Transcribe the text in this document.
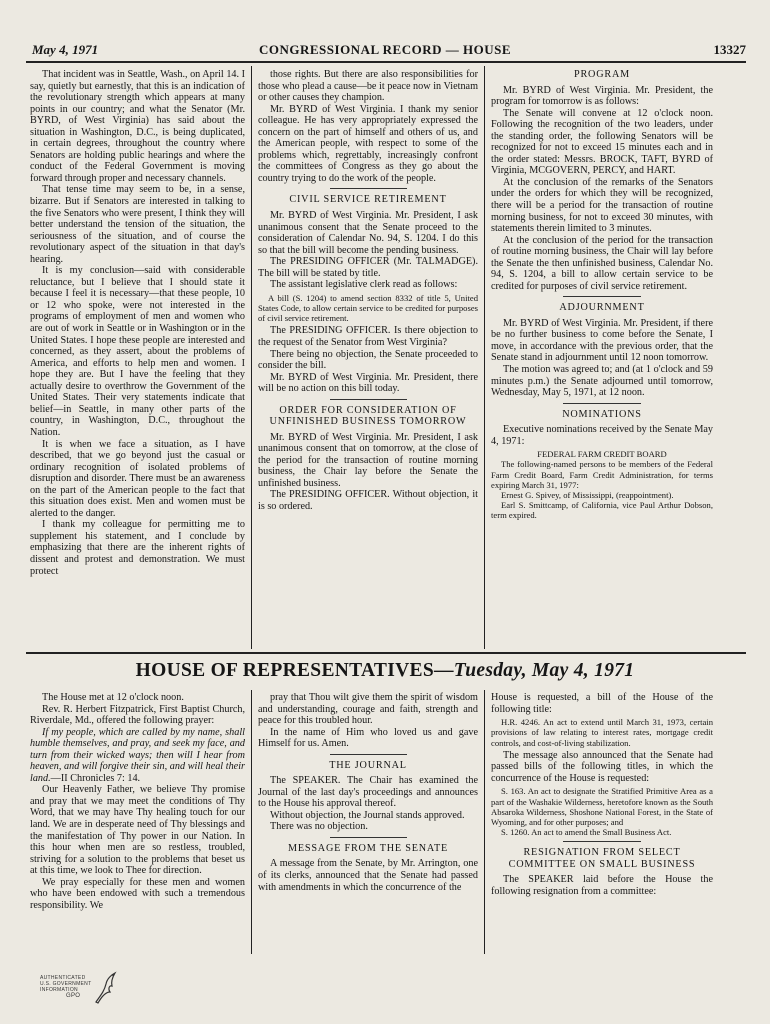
May 4, 1971	CONGRESSIONAL RECORD — HOUSE	13327

That incident was in Seattle, Wash., on April 14. I say, quietly but earnestly, that this is an indication of the revolutionary strength which appears at many points in our country; and what the Senator (Mr. BYRD, of West Virginia) has said about the situation in Washington, D.C., is being duplicated, in certain degrees, throughout the country where Senators are holding public hearings and where the conduct of the Federal Government is moving forward through proper and necessary channels.

That tense time may seem to be, in a sense, bizarre. But if Senators are interested in talking to the five Senators who were present, I think they will better understand the tension of the situation, the seriousness of the situation, and of course the revolutionary aspect of the situation in that day's hearing.

It is my conclusion—said with considerable reluctance, but I believe that I should state it because I feel it is necessary—that these people, 10 or 12 who spoke, were not interested in the programs of employment of men and women who are out of work in Seattle or in Washington or in the United States. I hope these people are interested and concerned, as they assert, about the problems of America, and efforts to help men and women. I hope they are. But I have the feeling that they actually desire to overthrow the Government of the United States. Their very statements indicate that belief—in Seattle, in many other parts of the country, in Washington, D.C., throughout the Nation.

It is when we face a situation, as I have described, that we go beyond just the casual or ordinary recognition of isolated problems of disruption and disorder. There must be an awareness on the part of the American people to the fact that this situation does exist. Men and women must be alerted to the danger.

I thank my colleague for permitting me to supplement his statement, and I conclude by emphasizing that there are the inherent rights of dissent and protest and demonstration. We must protect

those rights. But there are also responsibilities for those who plead a cause—be it peace now in Vietnam or other causes they champion.

Mr. BYRD of West Virginia. I thank my senior colleague. He has very appropriately expressed the concern on the part of himself and others of us, and the American people, with respect to some of the problems which, regrettably, increasingly confront the committees of Congress as they go about the country trying to do the work of the people.

CIVIL SERVICE RETIREMENT

Mr. BYRD of West Virginia. Mr. President, I ask unanimous consent that the Senate proceed to the consideration of Calendar No. 94, S. 1204. I do this so that the bill will become the pending business.

The PRESIDING OFFICER (Mr. TALMADGE). The bill will be stated by title.

The assistant legislative clerk read as follows:

A bill (S. 1204) to amend section 8332 of title 5, United States Code, to allow certain service to be credited for purposes of civil service retirement.

The PRESIDING OFFICER. Is there objection to the request of the Senator from West Virginia?

There being no objection, the Senate proceeded to consider the bill.

Mr. BYRD of West Virginia. Mr. President, there will be no action on this bill today.

ORDER FOR CONSIDERATION OF UNFINISHED BUSINESS TOMORROW

Mr. BYRD of West Virginia. Mr. President, I ask unanimous consent that on tomorrow, at the close of the period for the transaction of routine morning business, the Chair lay before the Senate the unfinished business.

The PRESIDING OFFICER. Without objection, it is so ordered.

PROGRAM

Mr. BYRD of West Virginia. Mr. President, the program for tomorrow is as follows:

The Senate will convene at 12 o'clock noon. Following the recognition of the two leaders, under the standing order, the following Senators will be recognized for not to exceed 15 minutes each and in the order stated: Messrs. BROCK, TAFT, BYRD of Virginia, MCGOVERN, PERCY, and HART.

At the conclusion of the remarks of the Senators under the orders for which they will be recognized, there will be a period for the transaction of routine morning business, for not to exceed 30 minutes, with statements therein limited to 3 minutes.

At the conclusion of the period for the transaction of routine morning business, the Chair will lay before the Senate the then unfinished business, Calendar No. 94, S. 1204, a bill to allow certain service to be credited for purposes of civil service retirement.

ADJOURNMENT

Mr. BYRD of West Virginia. Mr. President, if there be no further business to come before the Senate, I move, in accordance with the previous order, that the Senate stand in adjournment until 12 noon tomorrow.

The motion was agreed to; and (at 1 o'clock and 59 minutes p.m.) the Senate adjourned until tomorrow, Wednesday, May 5, 1971, at 12 noon.

NOMINATIONS

Executive nominations received by the Senate May 4, 1971:

FEDERAL FARM CREDIT BOARD

The following-named persons to be members of the Federal Farm Credit Board, Farm Credit Administration, for terms expiring March 31, 1977:

Ernest G. Spivey, of Mississippi, (reappointment).

Earl S. Smittcamp, of California, vice Paul Arthur Dobson, term expired.

HOUSE OF REPRESENTATIVES—Tuesday, May 4, 1971

The House met at 12 o'clock noon.

Rev. R. Herbert Fitzpatrick, First Baptist Church, Riverdale, Md., offered the following prayer:

If my people, which are called by my name, shall humble themselves, and pray, and seek my face, and turn from their wicked ways; then will I hear from heaven, and will forgive their sin, and will heal their land.—II Chronicles 7: 14.

Our Heavenly Father, we believe Thy promise and pray that we may meet the conditions of Thy Word, that we may have Thy healing touch for our land. We are in desperate need of Thy blessings and the manifestation of Thy power in our Nation. In this hour when men are so restless, troubled, striving for a solution to the problems that beset us at this time, we look to Thee for direction.

We pray especially for these men and women who have been endowed with such a tremendous responsibility. We

pray that Thou wilt give them the spirit of wisdom and understanding, courage and faith, strength and peace for this troubled hour.

In the name of Him who loved us and gave Himself for us. Amen.

THE JOURNAL

The SPEAKER. The Chair has examined the Journal of the last day's proceedings and announces to the House his approval thereof.

Without objection, the Journal stands approved.

There was no objection.

MESSAGE FROM THE SENATE

A message from the Senate, by Mr. Arrington, one of its clerks, announced that the Senate had passed with amendments in which the concurrence of the

House is requested, a bill of the House of the following title:

H.R. 4246. An act to extend until March 31, 1973, certain provisions of law relating to interest rates, mortgage credit controls, and cost-of-living stabilization.

The message also announced that the Senate had passed bills of the following titles, in which the concurrence of the House is requested:

S. 163. An act to designate the Stratified Primitive Area as a part of the Washakie Wilderness, heretofore known as the South Absaroka Wilderness, Shoshone National Forest, in the State of Wyoming, and for other purposes; and

S. 1260. An act to amend the Small Business Act.

RESIGNATION FROM SELECT COMMITTEE ON SMALL BUSINESS

The SPEAKER laid before the House the following resignation from a committee:

AUTHENTICATED
U.S. GOVERNMENT
INFORMATION
GPO
